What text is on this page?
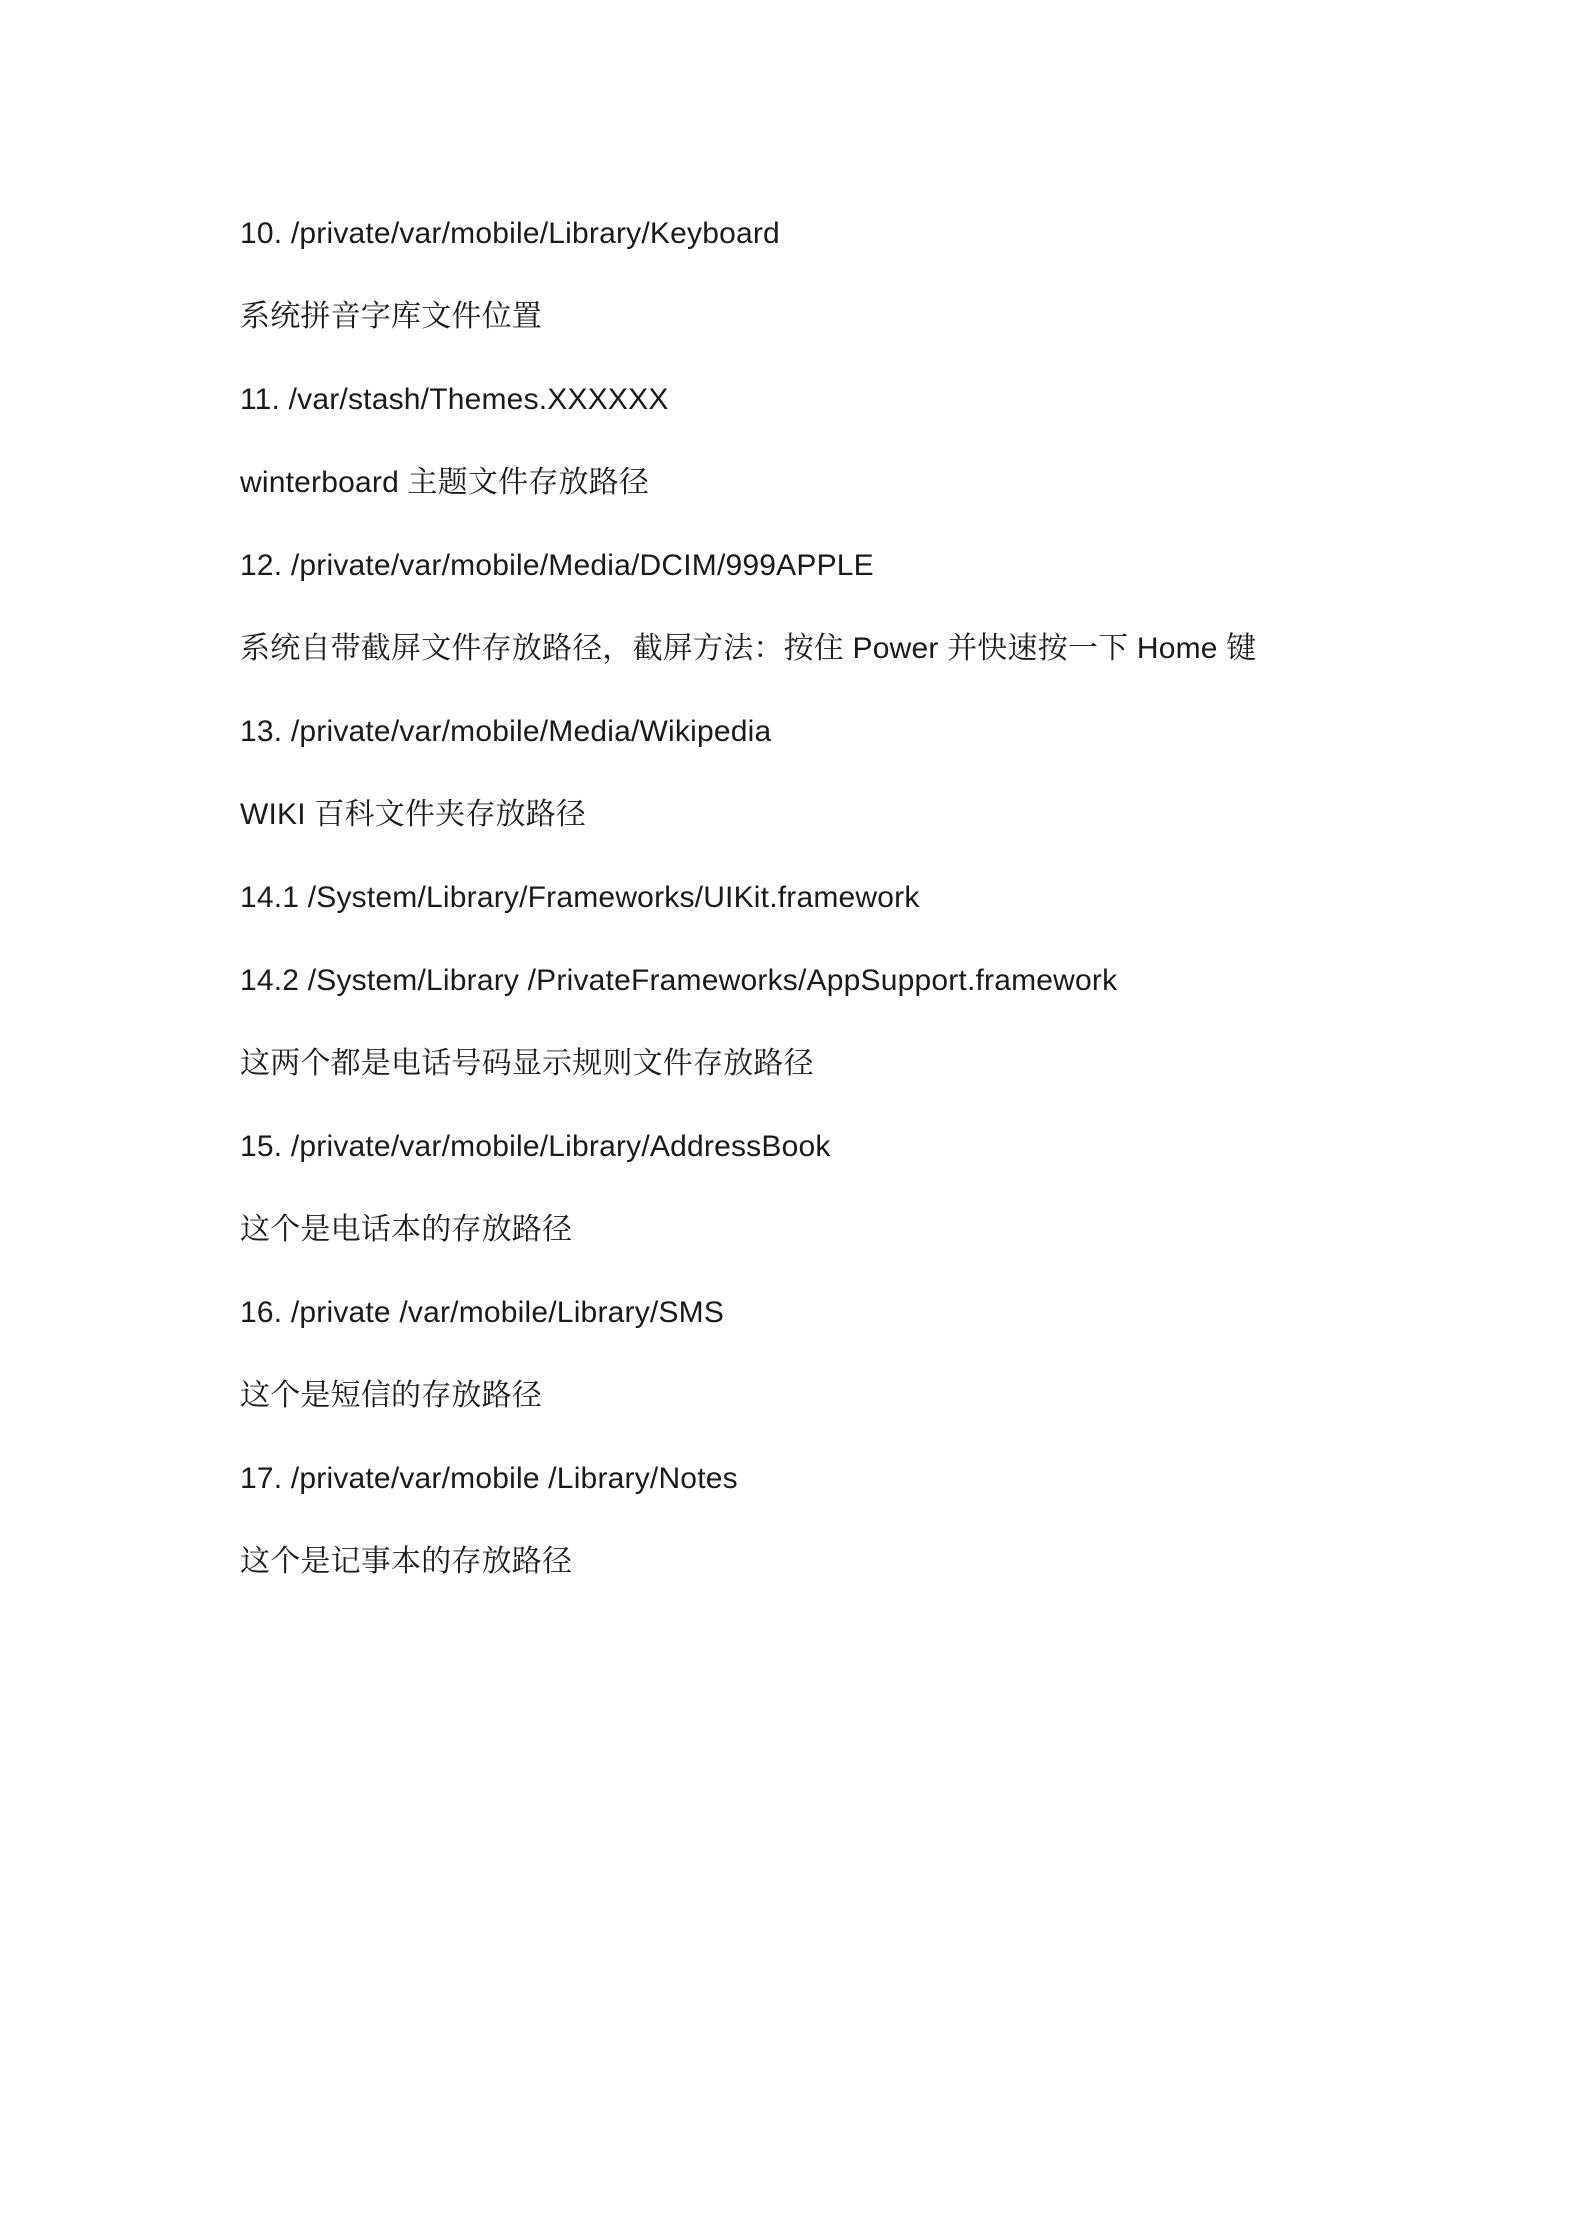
10. /private/var/mobile/Library/Keyboard
系统拼音字库文件位置
11. /var/stash/Themes.XXXXXX
winterboard 主题文件存放路径
12. /private/var/mobile/Media/DCIM/999APPLE
系统自带截屏文件存放路径，截屏方法：按住 Power 并快速按一下 Home 键
13. /private/var/mobile/Media/Wikipedia
WIKI 百科文件夹存放路径
14.1 /System/Library/Frameworks/UIKit.framework
14.2 /System/Library /PrivateFrameworks/AppSupport.framework
这两个都是电话号码显示规则文件存放路径
15. /private/var/mobile/Library/AddressBook
这个是电话本的存放路径
16. /private /var/mobile/Library/SMS
这个是短信的存放路径
17. /private/var/mobile /Library/Notes
这个是记事本的存放路径
